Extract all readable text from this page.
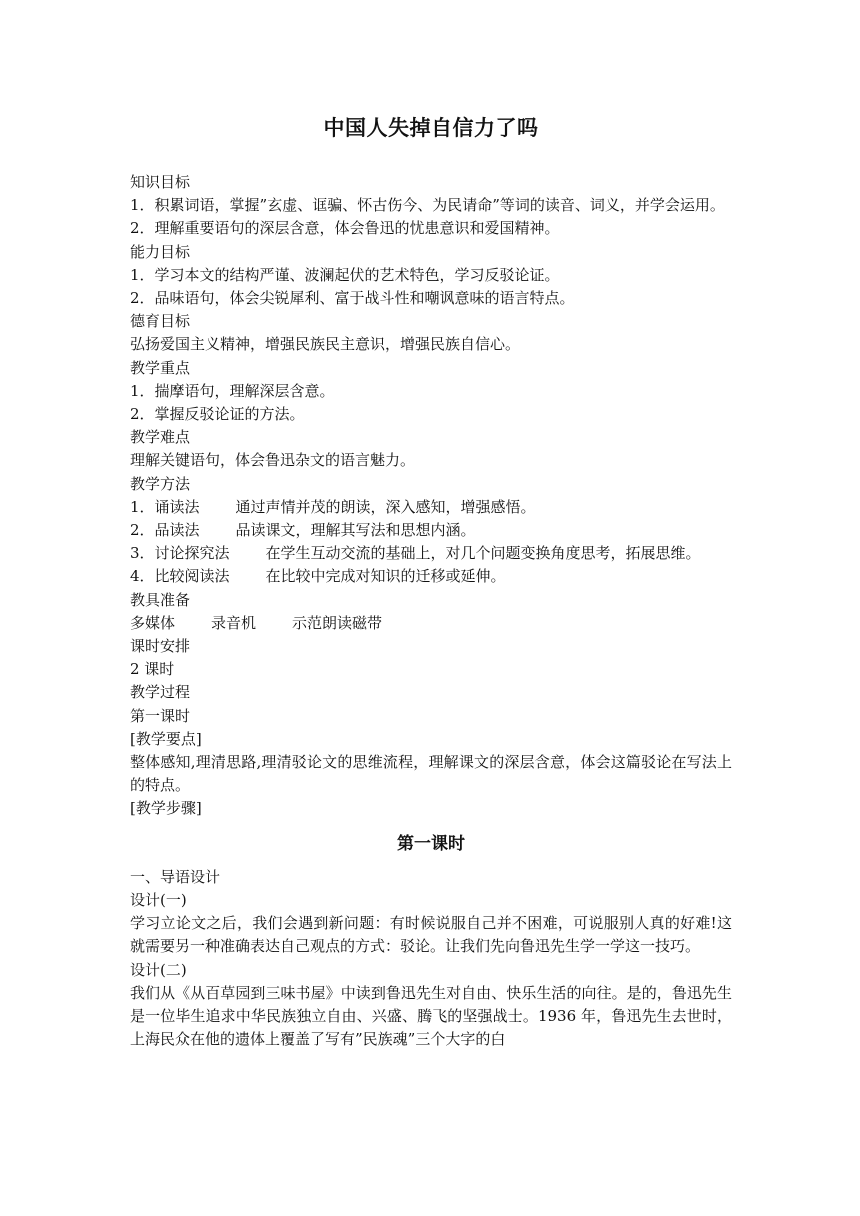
中国人失掉自信力了吗

知识目标

1．积累词语，掌握”玄虚、诓骗、怀古伤今、为民请命”等词的读音、词义，并学会运用。

2．理解重要语句的深层含意，体会鲁迅的忧患意识和爱国精神。

能力目标

1．学习本文的结构严谨、波澜起伏的艺术特色，学习反驳论证。

2．品味语句，体会尖锐犀利、富于战斗性和嘲讽意味的语言特点。

德育目标

弘扬爱国主义精神，增强民族民主意识，增强民族自信心。

教学重点

1．揣摩语句，理解深层含意。

2．掌握反驳论证的方法。

教学难点

理解关键语句，体会鲁迅杂文的语言魅力。

教学方法

1．诵读法 通过声情并茂的朗读，深入感知，增强感悟。

2．品读法 品读课文，理解其写法和思想内涵。

3．讨论探究法 在学生互动交流的基础上，对几个问题变换角度思考，拓展思维。

4．比较阅读法 在比较中完成对知识的迁移或延伸。

教具准备

多媒体 录音机 示范朗读磁带

课时安排

2 课时

教学过程

第一课时

[教学要点]

整体感知,理清思路,理清驳论文的思维流程，理解课文的深层含意，体会这篇驳论在写法上的特点。

[教学步骤]

第一课时

一、导语设计

设计(一)

学习立论文之后，我们会遇到新问题：有时候说服自己并不困难，可说服别人真的好难!这就需要另一种准确表达自己观点的方式：驳论。让我们先向鲁迅先生学一学这一技巧。

设计(二)

我们从《从百草园到三味书屋》中读到鲁迅先生对自由、快乐生活的向往。是的，鲁迅先生是一位毕生追求中华民族独立自由、兴盛、腾飞的坚强战士。1936 年，鲁迅先生去世时，上海民众在他的遗体上覆盖了写有”民族魂”三个大字的白
